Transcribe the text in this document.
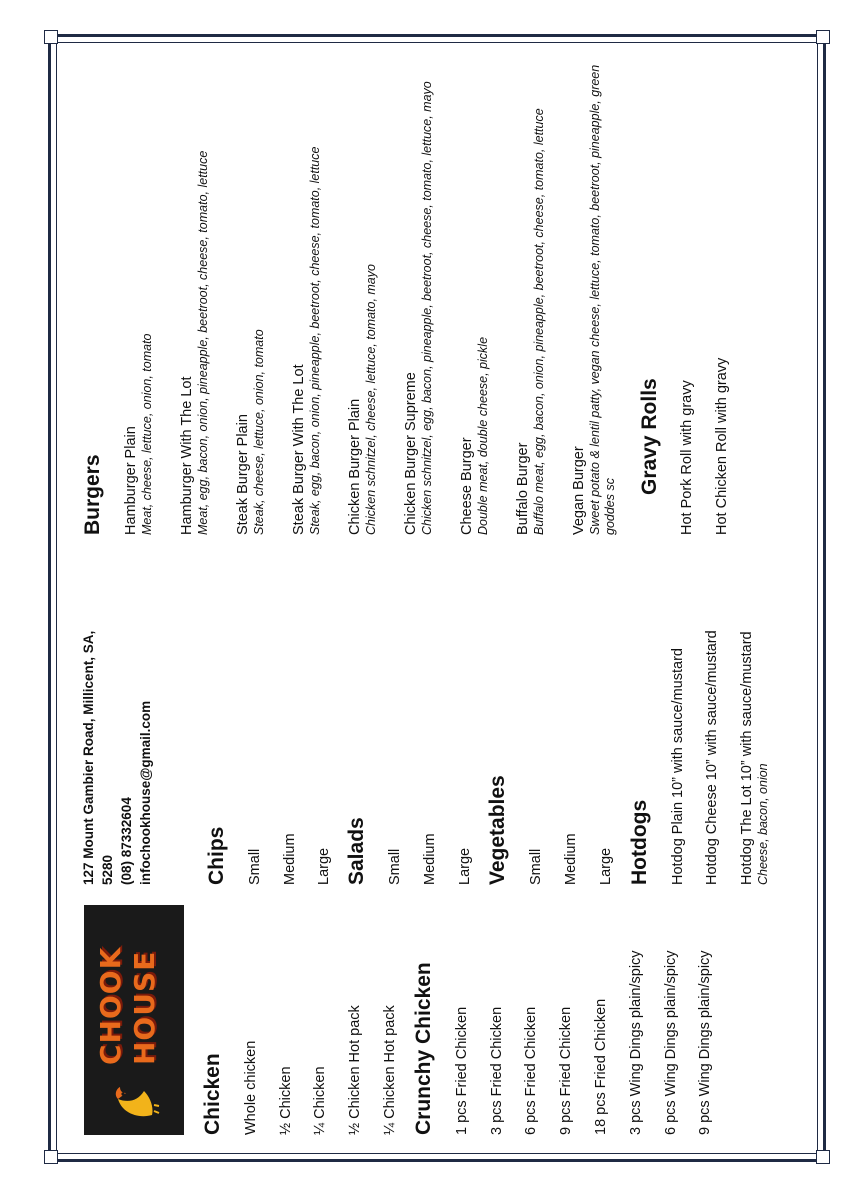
CHOOK HOUSE
127 Mount Gambier Road, Millicent, SA, 5280 (08) 87332604 infochookhouse@gmail.com
Chicken Whole chicken ½ Chicken ¼ Chicken ½ Chicken Hot pack ¼ Chicken Hot pack Crunchy Chicken 1 pcs Fried Chicken 3 pcs Fried Chicken 6 pcs Fried Chicken 9 pcs Fried Chicken 18 pcs Fried Chicken 3 pcs Wing Dings plain/spicy 6 pcs Wing Dings plain/spicy 9 pcs Wing Dings plain/spicy
Chips Small Medium Large Salads Small Medium Large Vegetables Small Medium Large Hotdogs Hotdog Plain 10” with sauce/mustard Hotdog Cheese 10” with sauce/mustard Hotdog The Lot 10” with sauce/mustard Cheese, bacon, onion
Burgers Hamburger Plain Meat, cheese, lettuce, onion, tomato Hamburger With The Lot Meat, egg, bacon, onion, pineapple, beetroot, cheese, tomato, lettuce Steak Burger Plain Steak, cheese, lettuce, onion, tomato Steak Burger With The Lot Steak, egg, bacon, onion, pineapple, beetroot, cheese, tomato, lettuce Chicken Burger Plain Chicken schnitzel, cheese, lettuce, tomato, mayo Chicken Burger Supreme Chicken schnitzel, egg, bacon, pineapple, beetroot, cheese, tomato, lettuce, mayo Cheese Burger Double meat, double cheese, pickle Buffalo Burger Buffalo meat, egg, bacon, onion, pineapple, beetroot, cheese, tomato, lettuce Vegan Burger Sweet potato & lentil patty, vegan cheese, lettuce, tomato, beetroot, pineapple, green goddes sc
Gravy Rolls Hot Pork Roll with gravy Hot Chicken Roll with gravy
